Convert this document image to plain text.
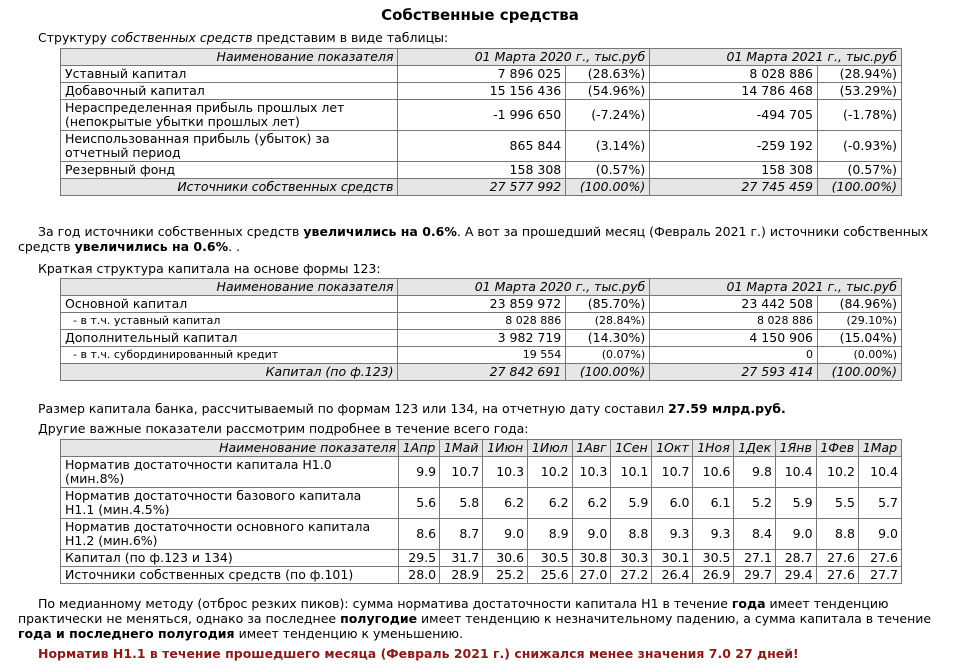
Собственные средства
Структуру собственных средств представим в виде таблицы:
Наименование показателя	01 Марта 2020 г., тыс.руб		01 Марта 2021 г., тыс.руб	
Уставный капитал	7 896 025	(28.63%)	8 028 886	(28.94%)
Добавочный капитал	15 156 436	(54.96%)	14 786 468	(53.29%)
Нераспределенная прибыль прошлых лет (непокрытые убытки прошлых лет)	-1 996 650	(-7.24%)	-494 705	(-1.78%)
Неиспользованная прибыль (убыток) за отчетный период	865 844	(3.14%)	-259 192	(-0.93%)
Резервный фонд	158 308	(0.57%)	158 308	(0.57%)
Источники собственных средств	27 577 992	(100.00%)	27 745 459	(100.00%)
За год источники собственных средств увеличились на 0.6%. А вот за прошедший месяц (Февраль 2021 г.) источники собственных средств увеличились на 0.6%. .
Краткая структура капитала на основе формы 123:
Наименование показателя	01 Марта 2020 г., тыс.руб		01 Марта 2021 г., тыс.руб	
Основной капитал	23 859 972	(85.70%)	23 442 508	(84.96%)
- в т.ч. уставный капитал	8 028 886	(28.84%)	8 028 886	(29.10%)
Дополнительный капитал	3 982 719	(14.30%)	4 150 906	(15.04%)
- в т.ч. субординированный кредит	19 554	(0.07%)	0	(0.00%)
Капитал (по ф.123)	27 842 691	(100.00%)	27 593 414	(100.00%)
Размер капитала банка, рассчитываемый по формам 123 или 134, на отчетную дату составил 27.59 млрд.руб.
Другие важные показатели рассмотрим подробнее в течение всего года:
Наименование показателя	1Апр	1Май	1Июн	1Июл	1Авг	1Сен	1Окт	1Ноя	1Дек	1Янв	1Фев	1Мар
Норматив достаточности капитала Н1.0 (мин.8%)	9.9	10.7	10.3	10.2	10.3	10.1	10.7	10.6	9.8	10.4	10.2	10.4
Норматив достаточности базового капитала Н1.1 (мин.4.5%)	5.6	5.8	6.2	6.2	6.2	5.9	6.0	6.1	5.2	5.9	5.5	5.7
Норматив достаточности основного капитала Н1.2 (мин.6%)	8.6	8.7	9.0	8.9	9.0	8.8	9.3	9.3	8.4	9.0	8.8	9.0
Капитал (по ф.123 и 134)	29.5	31.7	30.6	30.5	30.8	30.3	30.1	30.5	27.1	28.7	27.6	27.6
Источники собственных средств (по ф.101)	28.0	28.9	25.2	25.6	27.0	27.2	26.4	26.9	29.7	29.4	27.6	27.7
По медианному методу (отброс резких пиков): сумма норматива достаточности капитала Н1 в течение года имеет тенденцию практически не меняться, однако за последнее полугодие имеет тенденцию к незначительному падению, а сумма капитала в течение года и последнего полугодия имеет тенденцию к уменьшению.
Норматив Н1.1 в течение прошедшего месяца (Февраль 2021 г.) снижался менее значения 7.0 27 дней!
